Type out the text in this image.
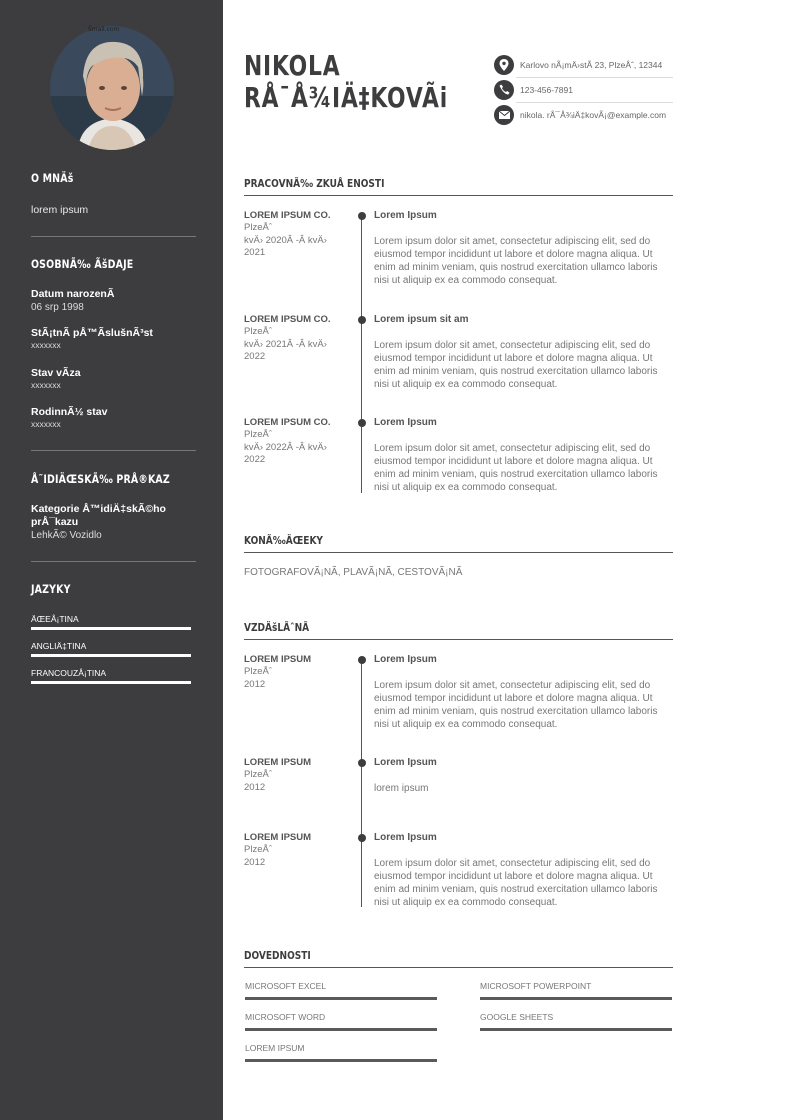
Šmall.com
O MNÄš
lorem ipsum
OSOBNÃ‰ ÃšDAJE
Datum narozenÃ
06 srp 1998
StÃ¡tnÃ pÅ™ÃslušnÃ³st
xxxxxxx
Stav vÃza
xxxxxxx
RodinnÃ½ stav
xxxxxxx
Å˜IDIÄŒSKÃ‰ PRÅ®KAZ
Kategorie Å™idiÄ‡skÃ©ho
prÅ¯kazu
LehkÃ© Vozidlo
JAZYKY
ÄŒEÅ¡TINA
ANGLIÄ‡TINA
FRANCOUZÅ¡TINA
NIKOLA
RÅ¯Å¾IÄ‡KOVÃi
Karlovo nÃ¡mÄ›stÃ 23, PlzeÅˆ, 12344
123-456-7891
nikola. rÅ¯Å¾iÄ‡kovÃ¡@example.com
PRACOVNÃ‰ ZKUÅ ENOSTI
LOREM IPSUM CO.
PlzeÅˆ
kvÄ› 2020Â -Â kvÄ›
2021
Lorem Ipsum
Lorem ipsum dolor sit amet, consectetur adipiscing elit, sed do eiusmod tempor incididunt ut labore et dolore magna aliqua. Ut enim ad minim veniam, quis nostrud exercitation ullamco laboris nisi ut aliquip ex ea commodo consequat.
LOREM IPSUM CO.
PlzeÅˆ
kvÄ› 2021Â -Â kvÄ›
2022
Lorem ipsum sit am
Lorem ipsum dolor sit amet, consectetur adipiscing elit, sed do eiusmod tempor incididunt ut labore et dolore magna aliqua. Ut enim ad minim veniam, quis nostrud exercitation ullamco laboris nisi ut aliquip ex ea commodo consequat.
LOREM IPSUM CO.
PlzeÅˆ
kvÄ› 2022Â -Â kvÄ›
2022
Lorem Ipsum
Lorem ipsum dolor sit amet, consectetur adipiscing elit, sed do eiusmod tempor incididunt ut labore et dolore magna aliqua. Ut enim ad minim veniam, quis nostrud exercitation ullamco laboris nisi ut aliquip ex ea commodo consequat.
KONÃ‰ÄŒEKY
FOTOGRAFOVÃ¡NÃ, PLAVÃ¡NÃ, CESTOVÃ¡NÃ
VZDÄšLÃˆNÃ
LOREM IPSUM
PlzeÅˆ
2012
Lorem Ipsum
Lorem ipsum dolor sit amet, consectetur adipiscing elit, sed do eiusmod tempor incididunt ut labore et dolore magna aliqua. Ut enim ad minim veniam, quis nostrud exercitation ullamco laboris nisi ut aliquip ex ea commodo consequat.
LOREM IPSUM
PlzeÅˆ
2012
Lorem Ipsum
lorem ipsum
LOREM IPSUM
PlzeÅˆ
2012
Lorem Ipsum
Lorem ipsum dolor sit amet, consectetur adipiscing elit, sed do eiusmod tempor incididunt ut labore et dolore magna aliqua. Ut enim ad minim veniam, quis nostrud exercitation ullamco laboris nisi ut aliquip ex ea commodo consequat.
DOVEDNOSTI
MICROSOFT EXCEL	MICROSOFT POWERPOINT
MICROSOFT WORD	GOOGLE SHEETS
LOREM IPSUM
